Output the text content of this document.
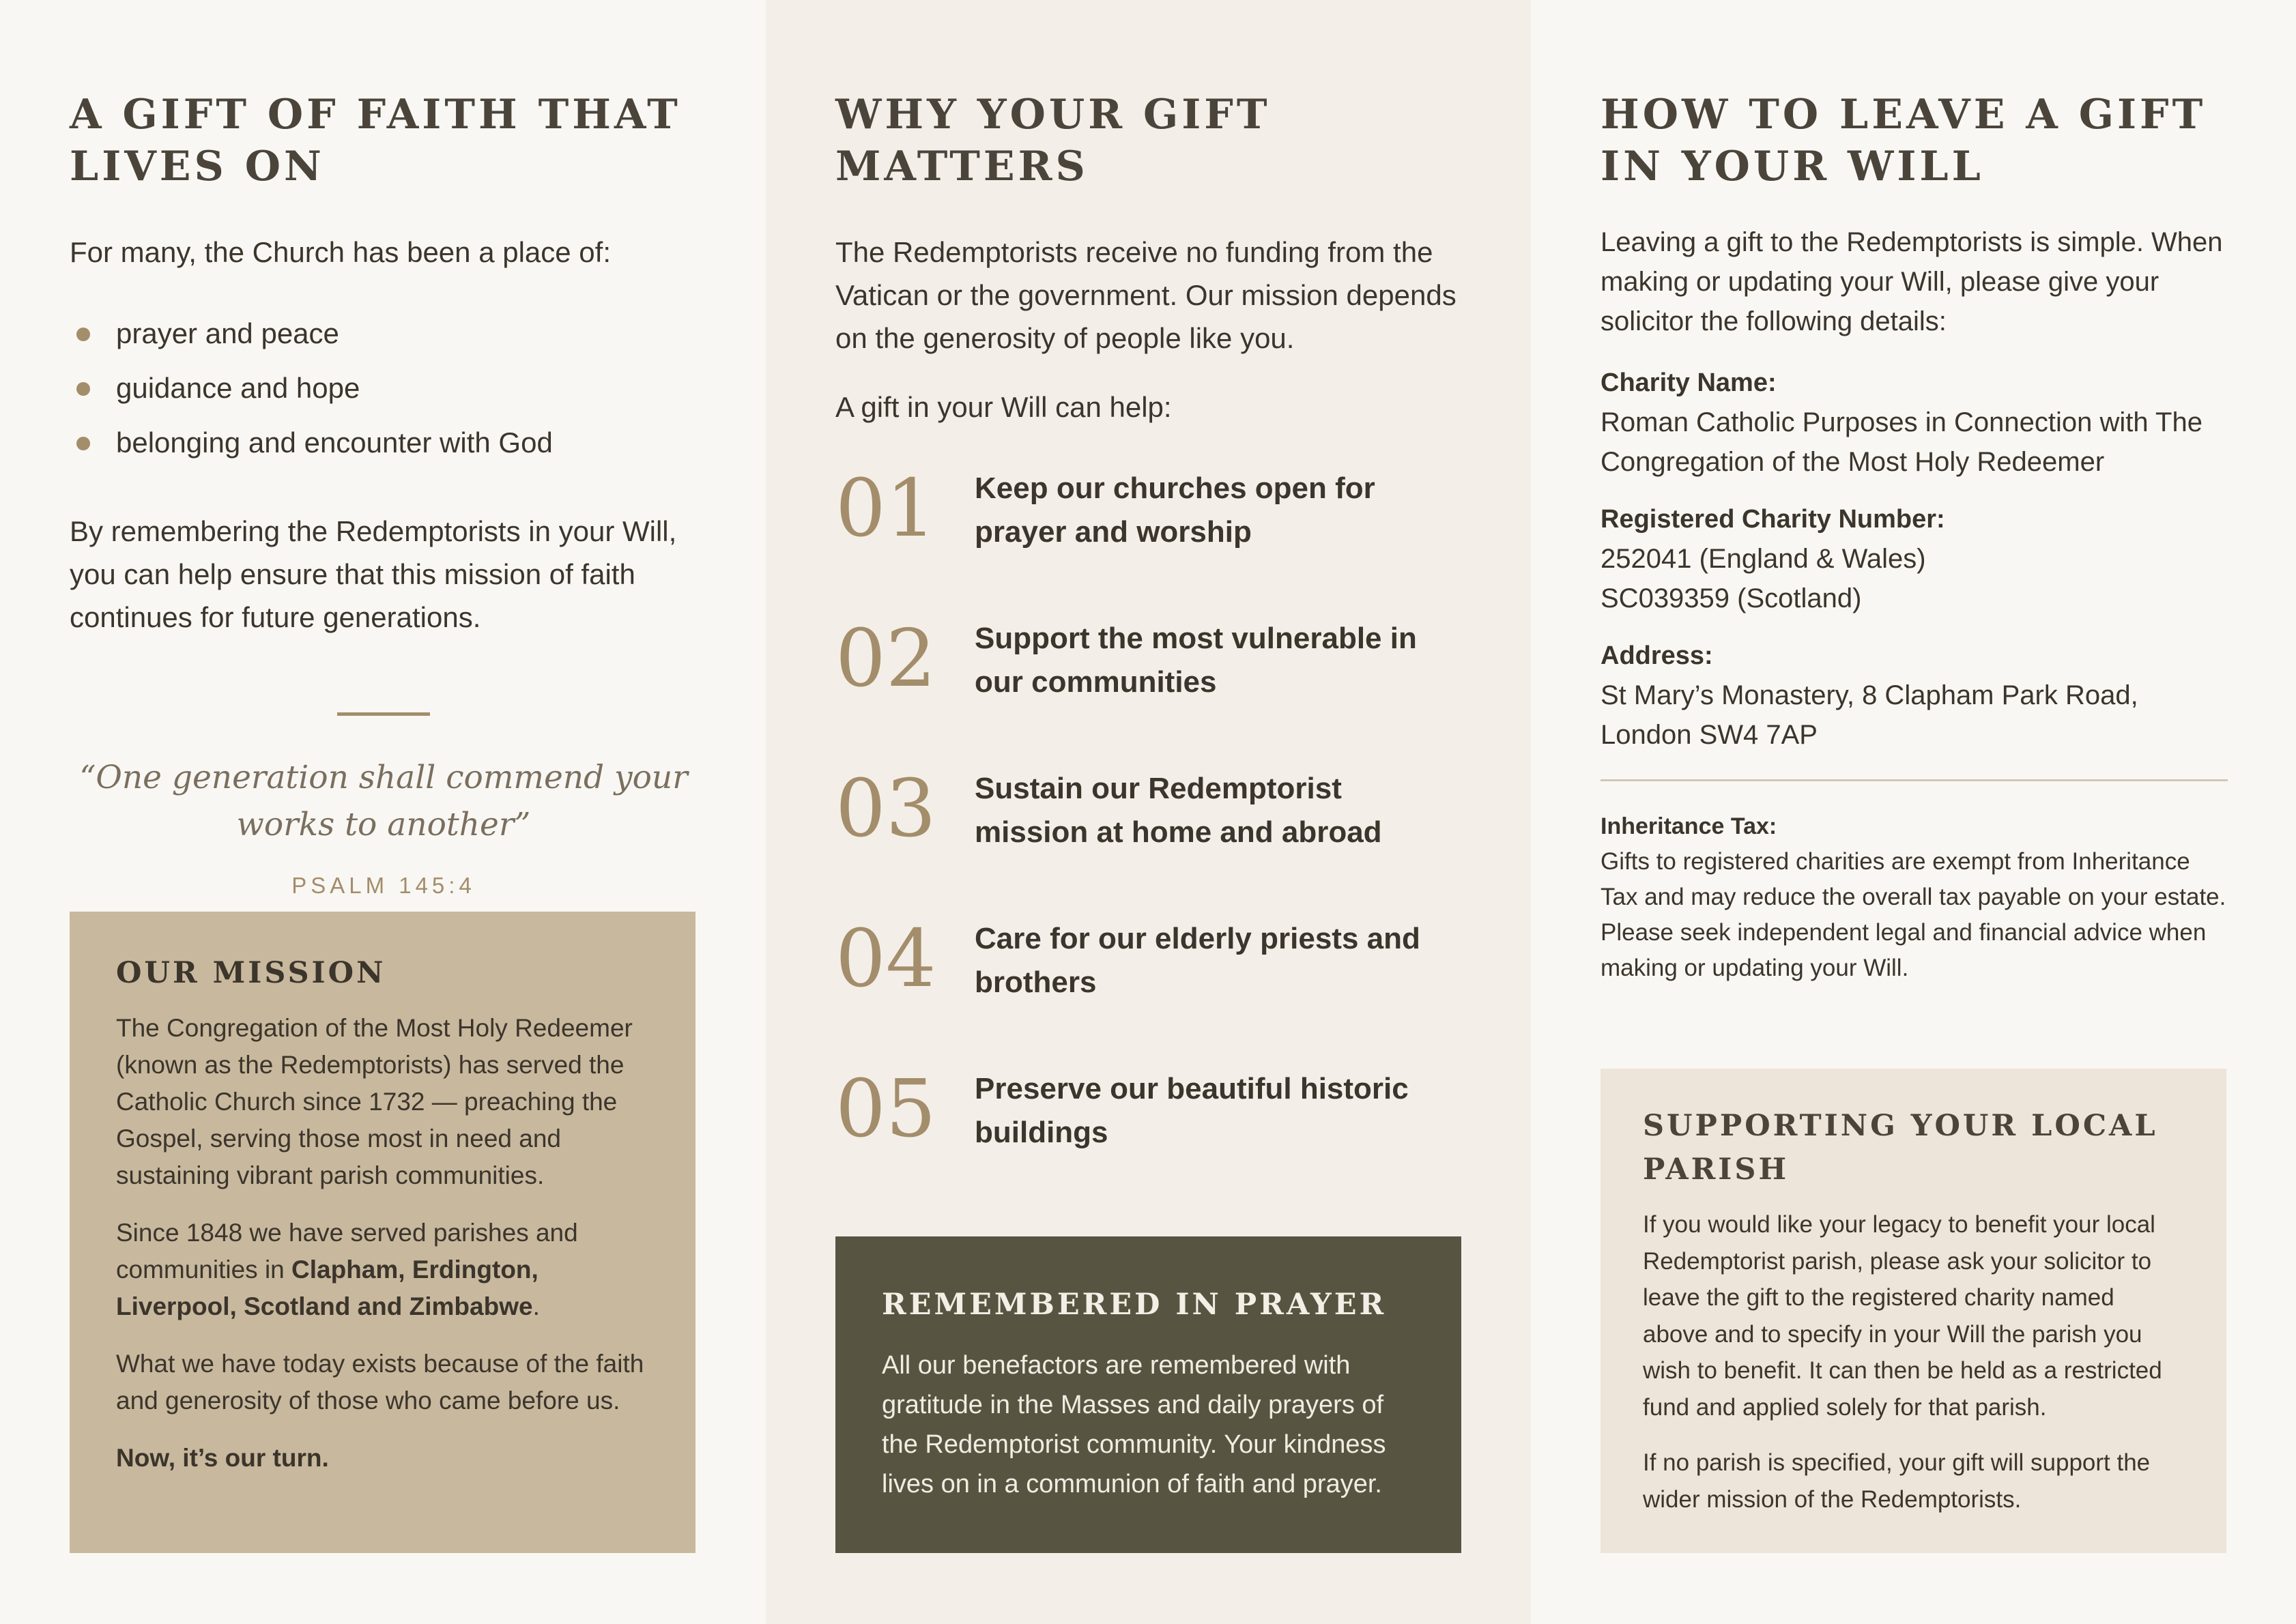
A GIFT OF FAITH THAT LIVES ON

For many, the Church has been a place of:

prayer and peace
guidance and hope
belonging and encounter with God

By remembering the Redemptorists in your Will, you can help ensure that this mission of faith continues for future generations.

“One generation shall commend your works to another”

PSALM 145:4
WHY YOUR GIFT MATTERS

The Redemptorists receive no funding from the Vatican or the government. Our mission depends on the generosity of people like you.

A gift in your Will can help:

01	Keep our churches open for prayer and worship
02	Support the most vulnerable in our communities
03	Sustain our Redemptorist mission at home and abroad
04	Care for our elderly priests and brothers
05	Preserve our beautiful historic buildings
REMEMBERED IN PRAYER

All our benefactors are remembered with gratitude in the Masses and daily prayers of the Redemptorist community. Your kindness lives on in a communion of faith and prayer.

HOW TO LEAVE A GIFT IN YOUR WILL

Leaving a gift to the Redemptorists is simple. When making or updating your Will, please give your solicitor the following details:

Charity Name:
Roman Catholic Purposes in Connection with The Congregation of the Most Holy Redeemer
Registered Charity Number:
252041 (England & Wales)
SC039359 (Scotland)
Address:
St Mary’s Monastery, 8 Clapham Park Road, London SW4 7AP
Inheritance Tax:

Gifts to registered charities are exempt from Inheritance Tax and may reduce the overall tax payable on your estate. Please seek independent legal and financial advice when making or updating your Will.

SUPPORTING YOUR LOCAL PARISH

If you would like your legacy to benefit your local Redemptorist parish, please ask your solicitor to leave the gift to the registered charity named above and to specify in your Will the parish you wish to benefit. It can then be held as a restricted fund and applied solely for that parish.

If no parish is specified, your gift will support the wider mission of the Redemptorists.

OUR MISSION

The Congregation of the Most Holy Redeemer (known as the Redemptorists) has served the Catholic Church since 1732 — preaching the Gospel, serving those most in need and sustaining vibrant parish communities.

Since 1848 we have served parishes and communities in Clapham, Erdington, Liverpool, Scotland and Zimbabwe.

What we have today exists because of the faith and generosity of those who came before us.

Now, it’s our turn.
